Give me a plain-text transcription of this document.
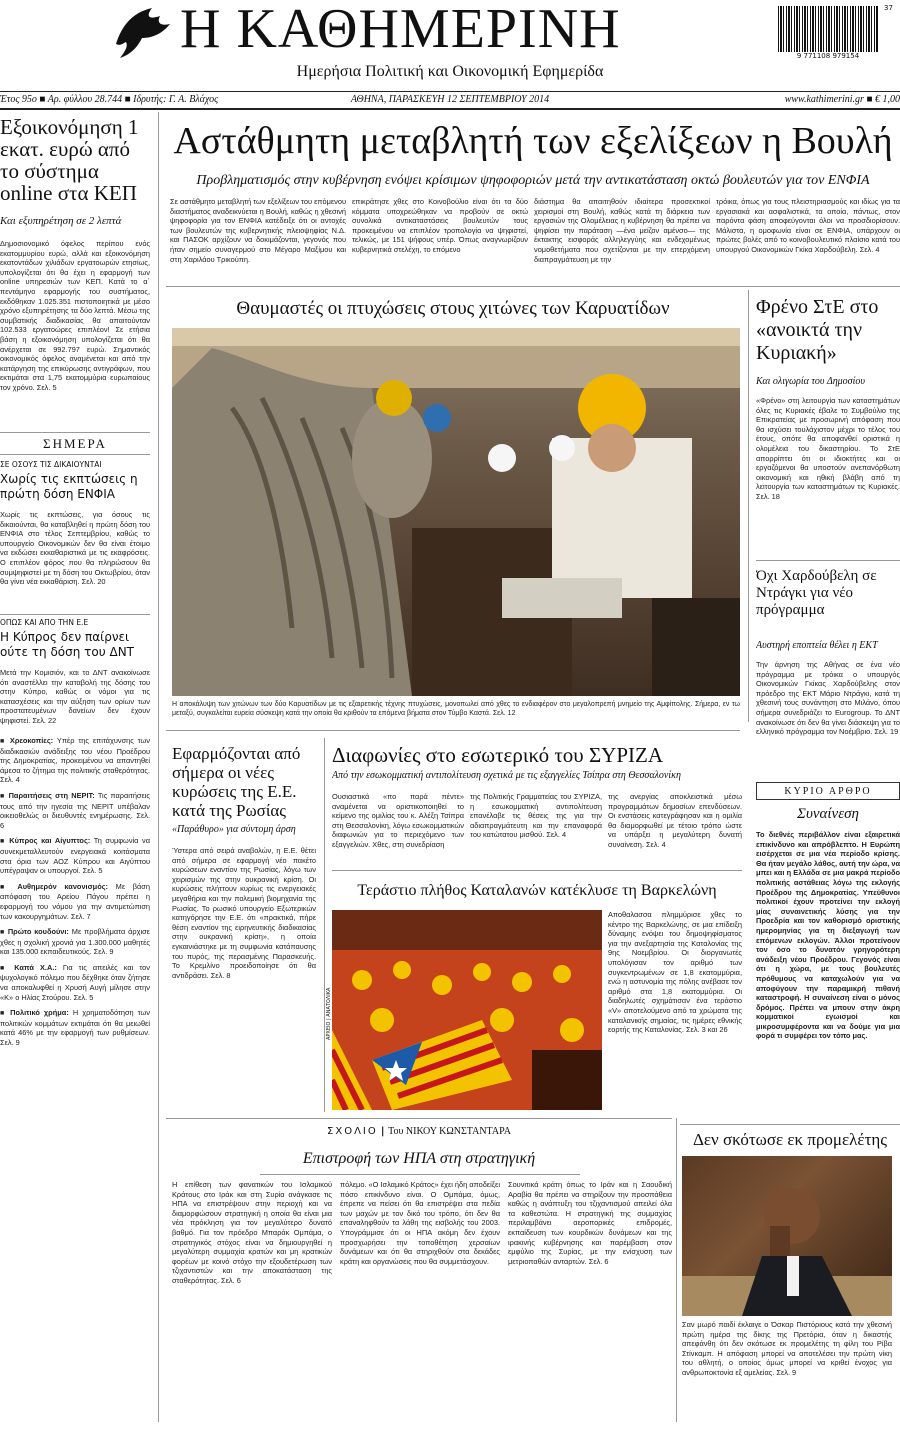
Η ΚΑΘΗΜΕΡΙΝΗ
Ημερήσια Πολιτική και Οικονομική Εφημερίδα
37
9 771108 979154
Έτος 95ο ■ Αρ. φύλλου 28.744 ■ Ιδρυτής: Γ. Α. Βλάχος	ΑΘΗΝΑ, ΠΑΡΑΣΚΕΥΗ 12 ΣΕΠΤΕΜΒΡΙΟΥ 2014	www.kathimerini.gr ■ € 1,00
Εξοικονόμηση 1 εκατ. ευρώ από το σύστημα online στα ΚΕΠ
Και εξυπηρέτηση σε 2 λεπτά
Δημοσιονομικό όφελος περίπου ενός εκατομμυρίου ευρώ, αλλά και εξοικονόμηση εκατοντάδων χιλιάδων εργατοωρών ετησίως, υπολογίζεται ότι θα έχει η εφαρμογή των online υπηρεσιών των ΚΕΠ. Κατά το α΄ πεντάμηνο εφαρμογής του συστήματος, εκδόθηκαν 1.025.351 πιστοποιητικά με μέσο χρόνο εξυπηρέτησης τα δύο λεπτά. Μέσω της συμβατικής διαδικασίας θα απαιτούνταν 102.533 εργατοώρες επιπλέον! Σε ετήσια βάση η εξοικονόμηση υπολογίζεται ότι θα ανέρχεται σε 992.797 ευρώ. Σημαντικός οικονομικός όφελος αναμένεται και από την κατάργηση της επικύρωσης αντιγράφων, που εκτιμάται στα 1,75 εκατομμύρια ευρωπαίους τον χρόνο. Σελ. 5
ΣΗΜΕΡΑ
ΣΕ ΟΣΟΥΣ ΤΙΣ ΔΙΚΑΙΟΥΝΤΑΙ
Χωρίς τις εκπτώσεις η πρώτη δόση ΕΝΦΙΑ
Χωρίς τις εκπτώσεις, για όσους τις δικαιούνται, θα καταβληθεί η πρώτη δόση του ΕΝΦΙΑ στο τέλος Σεπτεμβρίου, καθώς το υπουργείο Οικονομικών δεν θα είναι έτοιμο να εκδώσει εκκαθαριστικά με τις εκαφρόσεις. Ο επιπλέον φόρος που θα πληρώσουν θα συμψηφιστεί με τη δόση του Οκτωβρίου, όταν θα γίνει νέα εκκαθάριση. Σελ. 20
ΟΠΩΣ ΚΑΙ ΑΠΟ ΤΗΝ Ε.Ε
Η Κύπρος δεν παίρνει ούτε τη δόση του ΔΝΤ
Μετά την Κομισιόν, και το ΔΝΤ ανακοίνωσε ότι αναστέλλει την καταβολή της δόσης του στην Κύπρο, καθώς οι νόμοι για τις κατασχέσεις και την αύξηση των ορίων των προστατευμένων δανείων δεν έχουν ψηφιστεί. Σελ. 22
■ Χρεοκοπίες: Υπέρ της επιτάχυνσης των διαδικασιών ανάδειξης του νέου Προέδρου της Δημοκρατίας, προκειμένου να απαντηθεί άμεσα το ζήτημα της πολιτικής σταθερότητας. Σελ. 4
■ Παραιτήσεις στη ΝΕΡΙΤ: Τις παραιτήσεις τους από την ηγεσία της ΝΕΡΙΤ υπέβαλαν οικειοθελώς οι διευθυντές ενημέρωσης. Σελ. 6
■ Κύπρος και Αίγυπτος: Τη συμφωνία να συνεκμεταλλευτούν ενεργειακά κοιτάσματα στα όρια των ΑΟΖ Κύπρου και Αιγύπτου υπέγραψαν οι υπουργοί. Σελ. 5
■ Αυθημερόν κανονισμός: Με βάση απόφαση του Αρείου Πάγου πρέπει η εφαρμογή του νόμου για την αντιμετώπιση των κακουργημάτων. Σελ. 7
■ Πρώτο κουδούνι: Με προβλήματα άρχισε χθες η σχολική χρονιά για 1.300.000 μαθητές και 135.000 εκπαιδευτικούς. Σελ. 9
■ Καπά Χ.Α.: Για τις απειλές και τον ψυχολογικό πόλεμο που δέχθηκε όταν ζήτησε να αποκαλυφθεί η Χρυσή Αυγή μίλησε στην «Κ» ο Ηλίας Στούρου. Σελ. 5
■ Πολιτικό χρήμα: Η χρηματοδότηση των πολιτικών κομμάτων εκτιμάται ότι θα μειωθεί κατά 46% με την εφαρμογή των ρυθμίσεων. Σελ. 9
Αστάθμητη μεταβλητή των εξελίξεων η Βουλή
Προβληματισμός στην κυβέρνηση ενόψει κρίσιμων ψηφοφοριών μετά την αντικατάσταση οκτώ βουλευτών για τον ΕΝΦΙΑ
Σε αστάθμητο μεταβλητή των εξελίξεων του επόμενου διαστήματος αναδεικνύεται η Βουλή, καθώς η χθεσινή ψηφοφορία για τον ΕΝΦΙΑ κατέδειξε ότι οι αντοχές των βουλευτών της κυβερνητικής πλειοψηφίας Ν.Δ. και ΠΑΣΟΚ αρχίζουν να δοκιμάζονται, γεγονός που ήταν σημείο συναγερμού στο Μέγαρο Μαξίμου και στη Χαριλάου Τρικούπη.
επικράτησε χθες στο Κοινοβούλιο είναι ότι τα δύο κόμματα υποχρεώθηκαν να προβούν σε οκτώ συνολικά αντικαταστάσεις βουλευτών τους προκειμένου να επιπλέον τροπολογία να ψηφιστεί, τελικώς, με 151 ψήφους υπέρ. Όπως αναγνωρίζουν κυβερνητικά στελέχη, το επόμενο
διάστημα θα απαιτηθούν ιδιαίτερα προσεκτικοί χειρισμοί στη Βουλή, καθώς κατά τη διάρκεια των εργασιών της Ολομέλειας η κυβέρνηση θα πρέπει να ψηφίσει την παράταση —ένα μείζον αμένσο— της έκτακτης εισφοράς αλληλεγγύης και ενδεχομένως νομοθετήματα που σχετίζονται με την επερχόμενη διαπραγμάτευση με την
τρόικα, όπως για τους πλειστηριασμούς και ιδίως για τα εργασιακά και ασφαλιστικά, τα οποία, πάντως, στον παρόντα φάση αποφεύγονται όλοι να προσδιορίσουν. Μάλιστα, η ομοφωνία είναι σε ΕΝΦΙΑ, υπάρχουν οι πρώτες βολές από το κοινοβουλευτικό πλαίσιο κατά του υπουργού Οικονομικών Γκίκα Χαρδούβελη. Σελ. 4
Θαυμαστές οι πτυχώσεις στους χιτώνες των Καρυατίδων
Η αποκάλυψη των χιτώνων των δύο Καρυατίδων με τις εξαιρετικής τέχνης πτυχώσεις, μονοπωλεί από χθες το ενδιαφέρον στο μεγαλοπρεπή μνημείο της Αμφίπολης. Σήμερα, εν τω μεταξύ, συγκαλείται ευρεία σύσκεψη κατά την οποία θα κριθούν τα επόμενα βήματα στον Τύμβο Καστά. Σελ. 12
Φρένο ΣτΕ στο «ανοικτά την Κυριακή»
Και ολιγωρία του Δημοσίου
«Φρένο» στη λειτουργία των καταστημάτων όλες τις Κυριακές έβαλε το Συμβούλιο της Επικρατείας με προσωρινή απόφαση που θα ισχύσει τουλάχιστον μέχρι το τέλος του έτους, οπότε θα αποφανθεί οριστικά η ολομέλεια του δικαστηρίου. Το ΣτΕ απορρίπτει ότι οι ιδιοκτήτες και οι εργαζόμενοι θα υποστούν ανεπανόρθωτη οικονομική και ηθική βλάβη από τη λειτουργία των καταστημάτων τις Κυριακές. Σελ. 18
Όχι Χαρδούβελη σε Ντράγκι για νέο πρόγραμμα
Αυστηρή εποπτεία θέλει η ΕΚΤ
Την άρνηση της Αθήνας σε ένα νέο πρόγραμμα με τρόικα ο υπουργός Οικονομικών Γκίκας Χαρδούβελης στον πρόεδρο της ΕΚΤ Μάριο Ντράγκι, κατά τη χθεσινή τους συνάντηση στο Μιλάνο, όπου σήμερα συνεδριάζει το Eurogroup. Το ΔΝΤ ανακοίνωσε ότι δεν θα γίνει διάσκεψη για το ελληνικό πρόγραμμα τον Νοέμβριο. Σελ. 19
ΚΥΡΙΟ ΑΡΘΡΟ
Συναίνεση
Το διεθνές περιβάλλον είναι εξαιρετικά επικίνδυνο και απρόβλεπτο. Η Ευρώπη εισέρχεται σε μια νέα περίοδο κρίσης. Θα ήταν μεγάλο λάθος, αυτή την ώρα, να μπει και η Ελλάδα σε μια μακρά περίοδο πολιτικής αστάθειας λόγω της εκλογής Προέδρου της Δημοκρατίας. Υπεύθυνοι πολιτικοί έχουν προτείνει την εκλογή μίας συναινετικής λύσης για την Προεδρία και τον καθορισμό οριστικής ημερομηνίας για τη διεξαγωγή των επόμενων εκλογών. Άλλοι προτείνουν τον όσο το δυνατόν γρηγορότερη ανάδειξη νέου Προέδρου. Γεγονός είναι ότι η χώρα, με τους βουλευτές πρόθυμους να καταχωλούν για να αποφύγουν την παραμικρή πιθανή καταστροφή. Η συναίνεση είναι ο μόνος δρόμος. Πρέπει να μπουν στην άκρη κομματικοί εγωισμοί και μικροσυμφέροντα και να δούμε για μια φορά τι συμφέρει τον τόπο μας.
Δεν σκότωσε εκ προμελέτης
Σαν μωρό παιδί έκλαιγε ο Όσκαρ Πιστόριους κατά την χθεσινή πρώτη ημέρα της δίκης της Πρετόρια, όταν η δικαστής απεφάνθη ότι δεν σκότωσε εκ προμελέτης τη φίλη του Ρίβα Στίνκαμπ. Η απόφαση μπορεί να αποτελέσει την πρώτη νίκη του αθλητή, ο οποίος όμως μπορεί να κριθεί ένοχος για ανθρωποκτονία εξ αμελείας. Σελ. 9
Εφαρμόζονται από σήμερα οι νέες κυρώσεις της Ε.Ε. κατά της Ρωσίας
«Παράθυρο» για σύντομη άρση
Ύστερα από σειρά αναβολών, η Ε.Ε. θέτει από σήμερα σε εφαρμογή νέο πακέτο κυρώσεων εναντίον της Ρωσίας, λόγω των χειρισμών της στην ουκρανική κρίση. Οι κυρώσεις πλήττουν κυρίως τις ενεργειακές μεγαθήρια και την πολεμική βιομηχανία της Ρωσίας. Το ρωσικό υπουργείο Εξωτερικών κατηγόρησε την Ε.Ε. ότι «πρακτικά, πήρε θέση εναντίον της ειρηνευτικής διαδικασίας στην ουκρανική κρίση», η οποία εγκαινιάστηκε με τη συμφωνία κατάπαυσης του πυρός, της περασμένης Παρασκευής. Το Κρεμλίνο προειδοποίησε ότι θα αντιδράσει. Σελ. 8
Διαφωνίες στο εσωτερικό του ΣΥΡΙΖΑ
Από την εσωκομματική αντιπολίτευση σχετικά με τις εξαγγελίες Τσίπρα στη Θεσσαλονίκη
Ουσιαστικά «πο παρά πέντε» αναμένεται να οριστικοποιηθεί το κείμενο της ομιλίας του κ. Αλέξη Τσίπρα στη Θεσσαλονίκη, λόγω εσωκομματικών διαφωνιών για το περιεχόμενο των εξαγγελιών. Χθες, στη συνεδρίαση
της Πολιτικής Γραμματείας του ΣΥΡΙΖΑ, η εσωκομματική αντιπολίτευση επανέλαβε τις θέσεις της για την αδιαπραγμάτευτη και την επαναφορά του κατώτατου μισθού. Σελ. 4
της ανεργίας αποκλειστικά μέσω προγραμμάτων δημοσίων επενδύσεων. Οι ενστάσεις κατεγράφησαν και η ομιλία θα διαμορφωθεί με τέτοιο τρόπο ώστε να υπάρξει η μεγαλύτερη δυνατή συναίνεση. Σελ. 4
Τεράστιο πλήθος Καταλανών κατέκλυσε τη Βαρκελώνη
ΑΡΧΕΙΟ | ΑΝΑΤΟΛΙΚΑ
Αποθαλασσα πλημμύρισε χθες το κέντρο της Βαρκελώνης, σε μια επίδειξη δύναμης ενόψει του δημοψηφίσματος για την ανεξαρτησία της Καταλονίας της 9ης Νοεμβρίου. Οι διοργανωτές υπολόγισαν τον αριθμό των συγκεντρωμένων σε 1,8 εκατομμύρια, ενώ η αστυνομία της πόλης ανέβασε τον αριθμό στα 1,8 εκατομμύρια. Οι διαδηλωτές σχημάτισαν ένα τεράστιο «V» αποτελούμενο από τα χρώματα της καταλανικής σημαίας, τις ημέρες εθνικής εορτής της Καταλονίας. Σελ. 3 και 26
ΣΧΟΛΙΟ | Του ΝΙΚΟΥ ΚΩΝΣΤΑΝΤΑΡΑ
Επιστροφή των ΗΠΑ στη στρατηγική
Η επίθεση των φανατικών του Ισλαμικού Κράτους στο Ιράκ και στη Συρία ανάγκασε τις ΗΠΑ να επιστρέψουν στην περιοχή και να διαμορφώσουν στρατηγική η οποία θα είναι μια νέα πρόκληση για τον μεγαλύτερο δυνατό βαθμό. Για τον πρόεδρο Μπαράκ Ομπάμα, ο στρατηγικός στόχος είναι να δημιουργηθεί η μεγαλύτερη συμμαχία κρατών και μη κρατικών φορέων με κοινό στόχο την εξουδετέρωση των τζιχαντιστών και την αποκατάσταση της σταθερότητας. Σελ. 6
πόλεμο. «Ο Ισλαμικό Κράτος» έχει ήδη αποδείξει πόσο επικίνδυνο είναι. Ο Ομπάμα, όμως, έπρεπε να πείσει ότι θα επιστρέψει στα πεδία των μαχών με τον δικό του τρόπο, ότι δεν θα επαναληφθούν τα λάθη της εισβολής του 2003. Υπογράμμισε ότι οι ΗΠΑ ακόμη δεν έχουν προσχωρήσει την τοποθέτηση χερσαίων δυνάμεων και ότι θα στηριχθούν στα δεκάδες κράτη και οργανώσεις που θα συμμετάσχουν.
Σουνιτικά κράτη όπως το Ιράν και η Σαουδική Αραβία θα πρέπει να στηρίξουν την προσπάθεια καθώς η ανάπτυξη του τζιχαντισμού απειλεί όλα τα καθεστώτα. Η στρατηγική της συμμαχίας περιλαμβάνει αεροπορικές επιδρομές, εκπαίδευση των κουρδικών δυνάμεων και της ιρακινής κυβέρνησης και παρέμβαση στον εμφύλιο της Συρίας, με την ενίσχυση των μετριοπαθών ανταρτών. Σελ. 6
